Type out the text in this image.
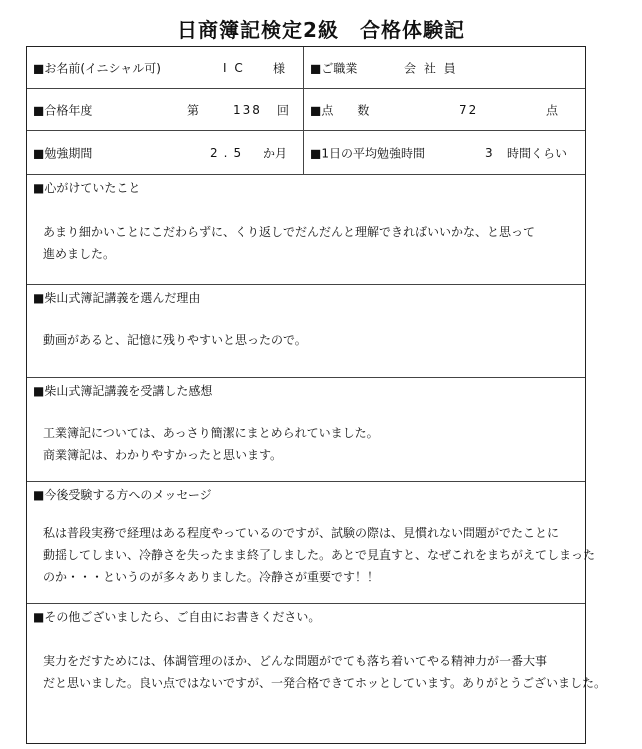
日商簿記検定2級　合格体験記
■お名前(イニシャル可)	I C 様 ■ご職業	会 社 員
■合格年度	第	138 回 ■点　　数	72	点
■勉強期間	2.5 か月 ■1日の平均勉強時間	3 時間くらい
■心がけていたこと
あまり細かいことにこだわらずに、くり返しでだんだんと理解できればいいかな、と思って
進めました。
■柴山式簿記講義を選んだ理由
動画があると、記憶に残りやすいと思ったので。
■柴山式簿記講義を受講した感想
工業簿記については、あっさり簡潔にまとめられていました。
商業簿記は、わかりやすかったと思います。
■今後受験する方へのメッセージ
私は普段実務で経理はある程度やっているのですが、試験の際は、見慣れない問題がでたことに
動揺してしまい、冷静さを失ったまま終了しました。あとで見直すと、なぜこれをまちがえてしまった
のか・・・というのが多々ありました。冷静さが重要です！！
■その他ございましたら、ご自由にお書きください。
実力をだすためには、体調管理のほか、どんな問題がでても落ち着いてやる精神力が一番大事
だと思いました。良い点ではないですが、一発合格できてホッとしています。ありがとうございました。
